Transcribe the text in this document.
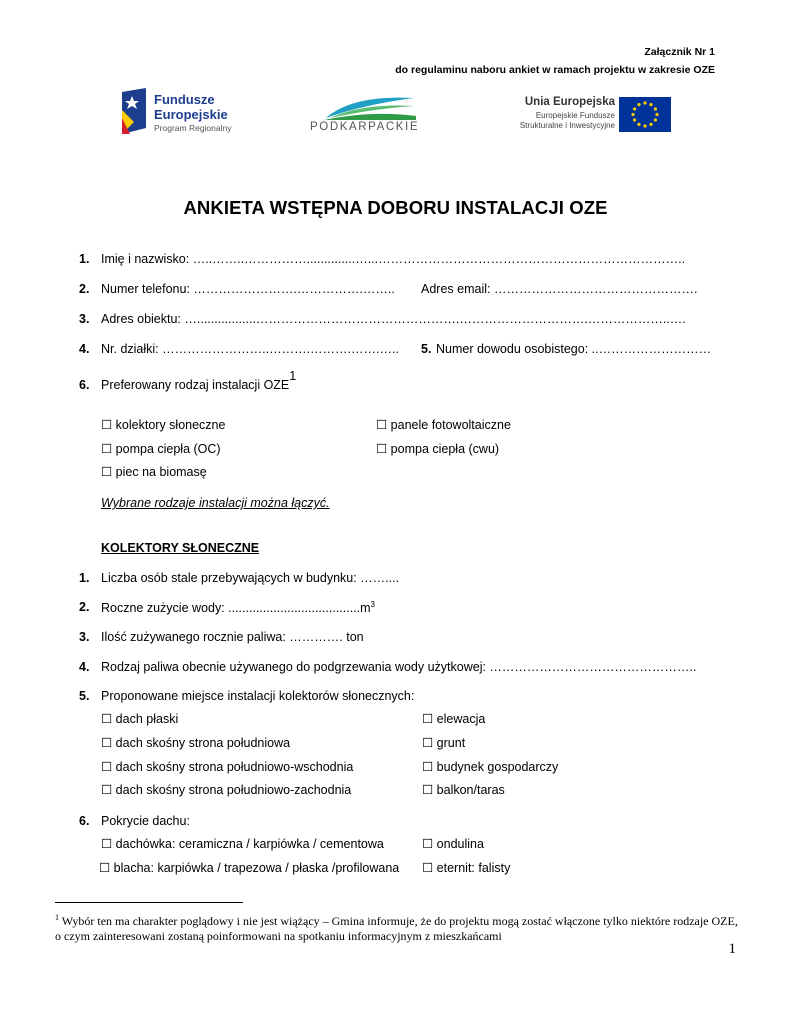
Załącznik Nr 1
do regulaminu naboru ankiet w ramach projektu w zakresie OZE
Fundusze
Europejskie
Program Regionalny	PODKARPACKIE
Unia Europejska
Europejskie Fundusze
Strukturalne i Inwestycyjne
ANKIETA WSTĘPNA DOBORU INSTALACJI OZE
1. Imię i nazwisko: …..……..……………..............…...………………………………………………………………..
2. Numer telefonu: …………………….…………….…….. Adres email: ………………………………………….
3. Adres obiektu: ….................………………………………………….………………………….………………..….
4. Nr. działki: ……………………..……….……….…….….. 5. Numer dowodu osobistego: ..………………………
6. Preferowany rodzaj instalacji OZE1
☐ kolektory słoneczne	☐ panele fotowoltaiczne
☐ pompa ciepła (OC)	☐ pompa ciepła (cwu)
☐ piec na biomasę
Wybrane rodzaje instalacji można łączyć.
KOLEKTORY SŁONECZNE
1. Liczba osób stale przebywających w budynku: ……....
2. Roczne zużycie wody: $......................................m^3$
3. Ilość zużywanego rocznie paliwa: …………. ton
4. Rodzaj paliwa obecnie używanego do podgrzewania wody użytkowej: …………………………………………..
5. Proponowane miejsce instalacji kolektorów słonecznych:
☐ dach płaski	☐ elewacja
☐ dach skośny strona południowa	☐ grunt
☐ dach skośny strona południowo-wschodnia	☐ budynek gospodarczy
☐ dach skośny strona południowo-zachodnia	☐ balkon/taras
6. Pokrycie dachu:
☐ dachówka: ceramiczna / karpiówka / cementowa	☐ ondulina
☐ blacha: karpiówka / trapezowa / płaska /profilowana ☐ eternit: falisty
$^1$ Wybór ten ma charakter poglądowy i nie jest wiążący – Gmina informuje, że do projektu mogą zostać włączone tylko niektóre rodzaje OZE, o czym zainteresowani zostaną poinformowani na spotkaniu informacyjnym z mieszkańcami
1
